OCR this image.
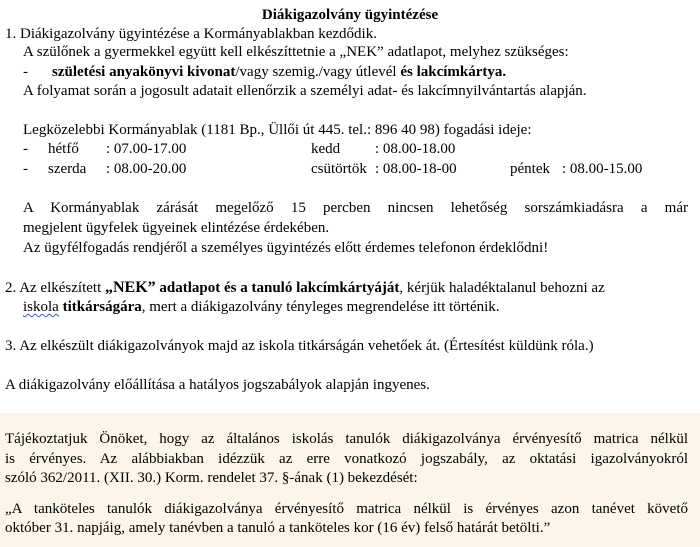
Diákigazolvány ügyintézése
1. Diákigazolvány ügyintézése a Kormányablakban kezdődik.
A szülőnek a gyermekkel együtt kell elkészíttetnie a „NEK” adatlapot, melyhez szükséges:
- születési anyakönyvi kivonat/vagy szemig./vagy útlevél és lakcímkártya.
A folyamat során a jogosult adatait ellenőrzik a személyi adat- és lakcímnyilvántartás alapján.
Legközelebbi Kormányablak (1181 Bp., Üllői út 445. tel.: 896 40 98) fogadási ideje:
- hétfő : 07.00-17.00	kedd : 08.00-18.00
- szerda : 08.00-20.00	csütörtök : 08.00-18-00	péntek : 08.00-15.00
A Kormányablak zárását megelőző 15 percben nincsen lehetőség sorszámkiadásra a már
megjelent ügyfelek ügyeinek elintézése érdekében.
Az ügyfélfogadás rendjéről a személyes ügyintézés előtt érdemes telefonon érdeklődni!
2. Az elkészített „NEK” adatlapot és a tanuló lakcímkártyáját, kérjük haladéktalanul behozni az
iskola titkárságára, mert a diákigazolvány tényleges megrendelése itt történik.
3. Az elkészült diákigazolványok majd az iskola titkárságán vehetőek át. (Értesítést küldünk róla.)
A diákigazolvány előállítása a hatályos jogszabályok alapján ingyenes.
Tájékoztatjuk Önöket, hogy az általános iskolás tanulók diákigazolványa érvényesítő matrica nélkül
is érvényes. Az alábbiakban idézzük az erre vonatkozó jogszabály, az oktatási igazolványokról
szóló 362/2011. (XII. 30.) Korm. rendelet 37. §-ának (1) bekezdését:
„A tanköteles tanulók diákigazolványa érvényesítő matrica nélkül is érvényes azon tanévet követő
október 31. napjáig, amely tanévben a tanuló a tanköteles kor (16 év) felső határát betölti.”
